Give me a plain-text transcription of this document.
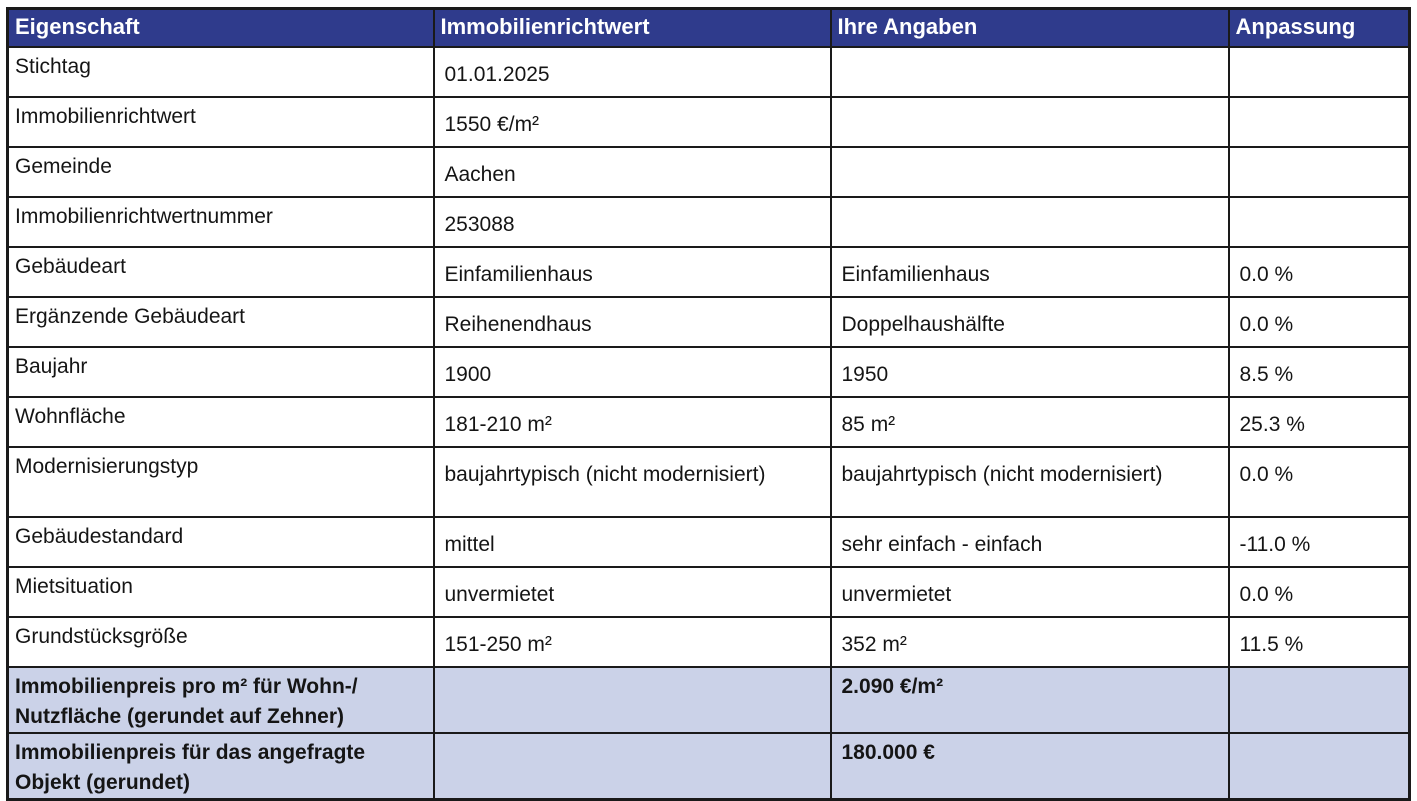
Eigenschaft	Immobilienrichtwert	Ihre Angaben	Anpassung
Stichtag	01.01.2025		
Immobilienrichtwert	1550 €/m²		
Gemeinde	Aachen		
Immobilienrichtwertnummer	253088		
Gebäudeart	Einfamilienhaus	Einfamilienhaus	0.0 %
Ergänzende Gebäudeart	Reihenendhaus	Doppelhaushälfte	0.0 %
Baujahr	1900	1950	8.5 %
Wohnfläche	181-210 m²	85 m²	25.3 %
Modernisierungstyp	baujahrtypisch (nicht modernisiert)	baujahrtypisch (nicht modernisiert)	0.0 %
Gebäudestandard	mittel	sehr einfach - einfach	-11.0 %
Mietsituation	unvermietet	unvermietet	0.0 %
Grundstücksgröße	151-250 m²	352 m²	11.5 %
Immobilienpreis pro m² für Wohn-/ Nutzfläche (gerundet auf Zehner)		2.090 €/m²	
Immobilienpreis für das angefragte Objekt (gerundet)		180.000 €	
